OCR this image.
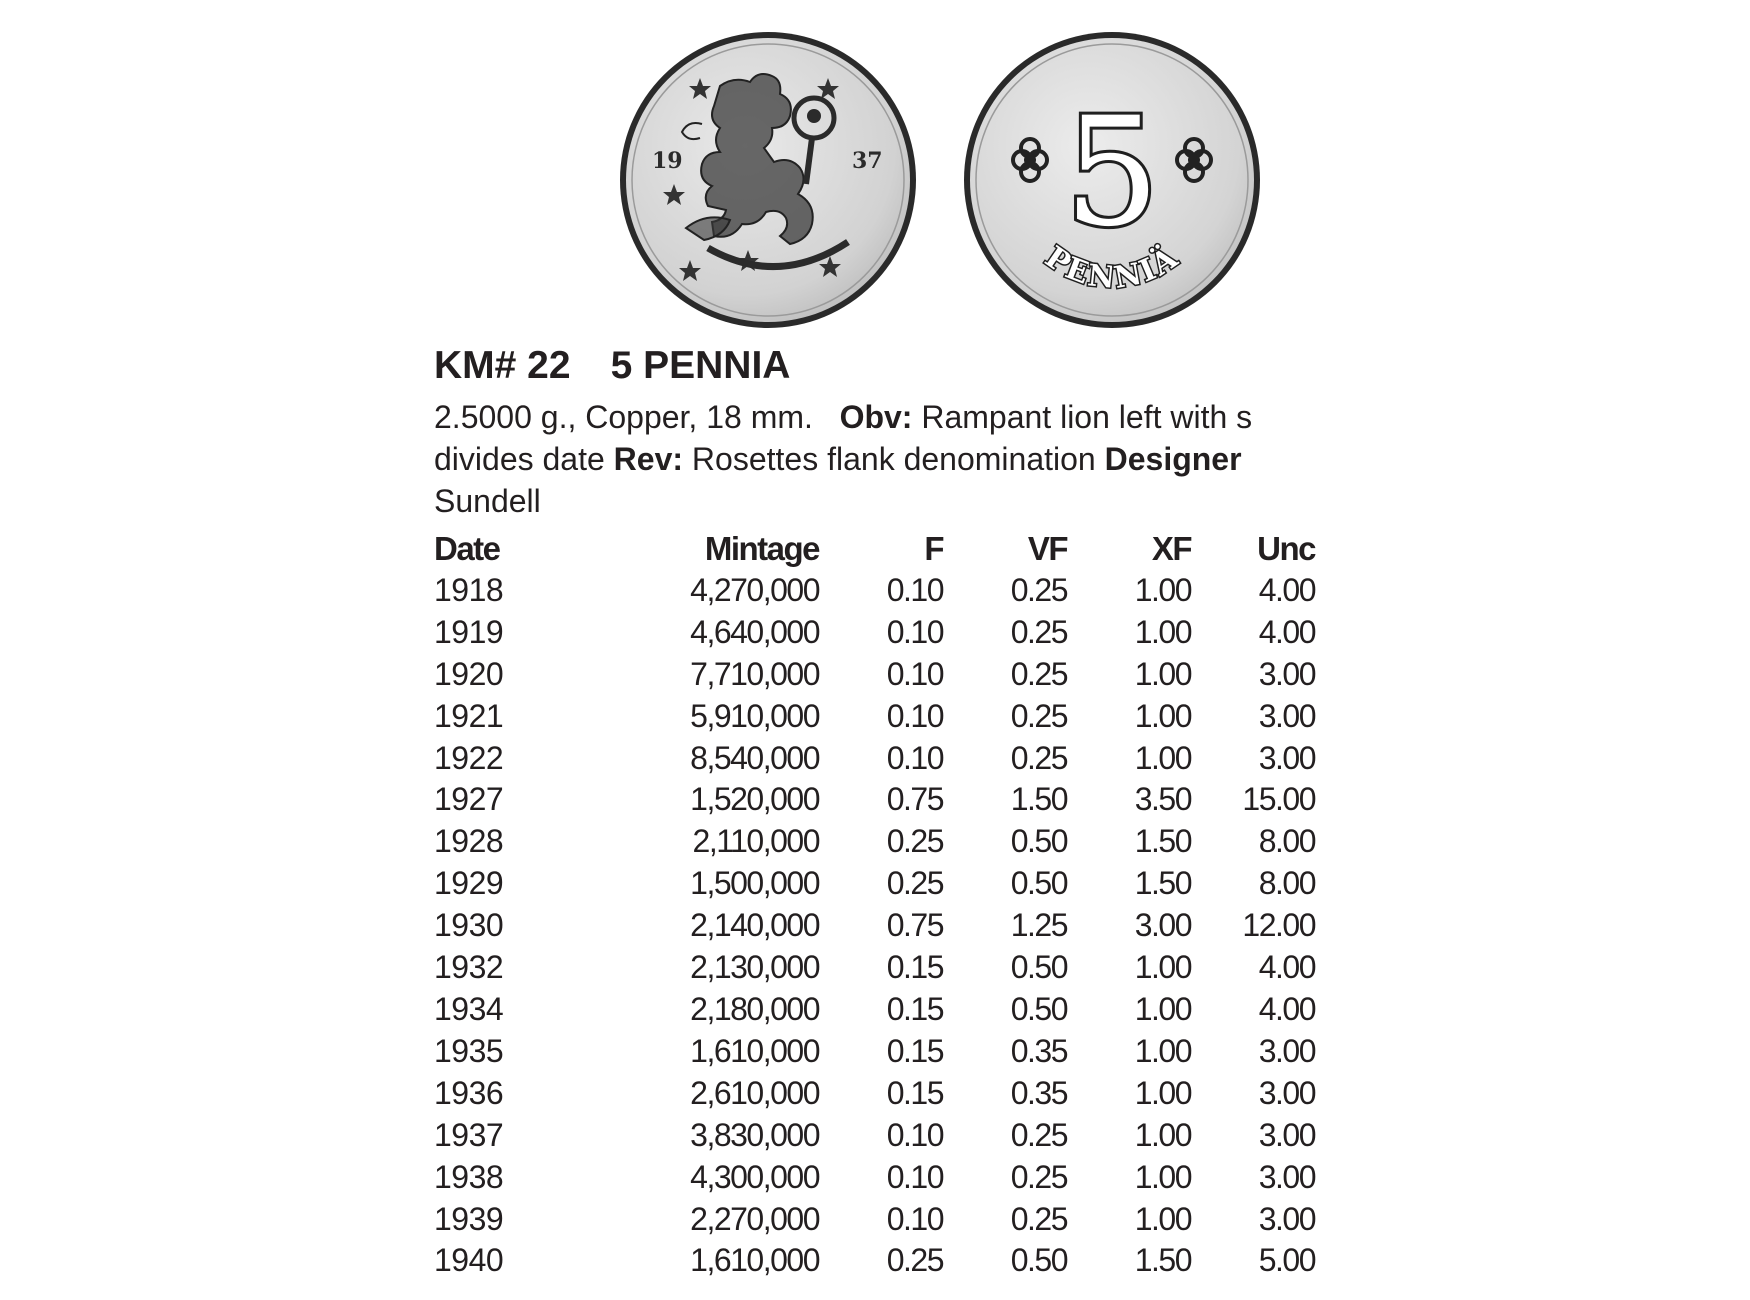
19	37 5
PENNIÄ
KM# 22 5 PENNIA
2.5000 g., Copper, 18 mm. Obv: Rampant lion left with s
divides date Rev: Rosettes flank denomination Designer
Sundell
Date	Mintage	F	VF	XF	Unc
1918	4,270,000	0.10	0.25	1.00	4.00
1919	4,640,000	0.10	0.25	1.00	4.00
1920	7,710,000	0.10	0.25	1.00	3.00
1921	5,910,000	0.10	0.25	1.00	3.00
1922	8,540,000	0.10	0.25	1.00	3.00
1927	1,520,000	0.75	1.50	3.50	15.00
1928	2,110,000	0.25	0.50	1.50	8.00
1929	1,500,000	0.25	0.50	1.50	8.00
1930	2,140,000	0.75	1.25	3.00	12.00
1932	2,130,000	0.15	0.50	1.00	4.00
1934	2,180,000	0.15	0.50	1.00	4.00
1935	1,610,000	0.15	0.35	1.00	3.00
1936	2,610,000	0.15	0.35	1.00	3.00
1937	3,830,000	0.10	0.25	1.00	3.00
1938	4,300,000	0.10	0.25	1.00	3.00
1939	2,270,000	0.10	0.25	1.00	3.00
1940	1,610,000	0.25	0.50	1.50	5.00
